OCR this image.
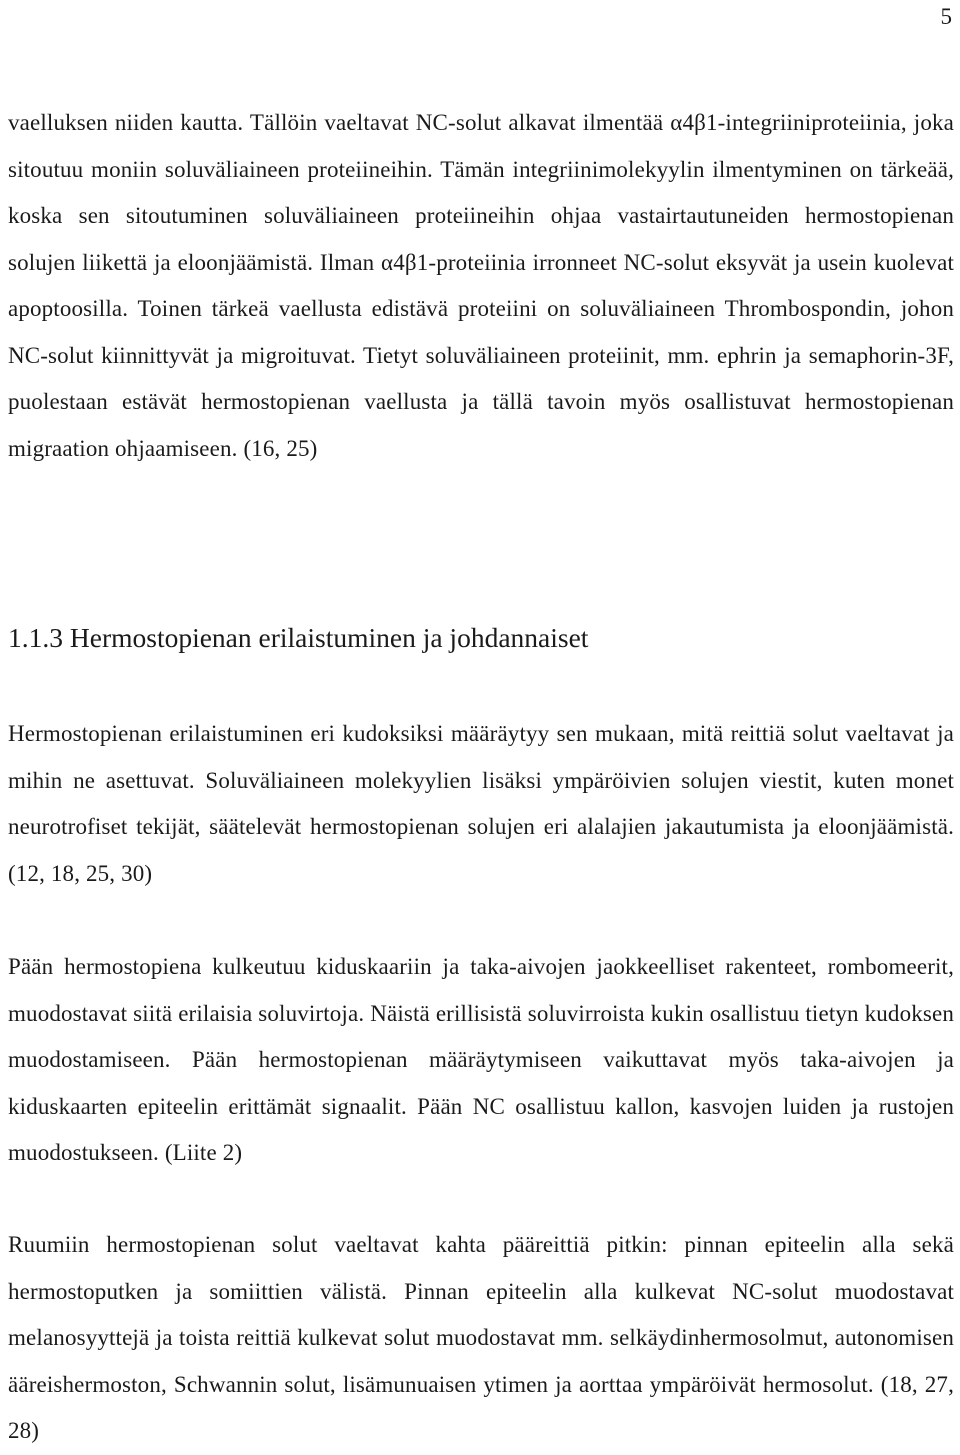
5

vaelluksen niiden kautta. Tällöin vaeltavat NC-solut alkavat ilmentää α4β1-integriiniproteiinia, joka sitoutuu moniin soluväliaineen proteiineihin. Tämän integriinimolekyylin ilmentyminen on tärkeää, koska sen sitoutuminen soluväliaineen proteiineihin ohjaa vastairtautuneiden hermostopienan solujen liikettä ja eloonjäämistä. Ilman α4β1-proteiinia irronneet NC-solut eksyvät ja usein kuolevat apoptoosilla. Toinen tärkeä vaellusta edistävä proteiini on soluväliaineen Thrombospondin, johon NC-solut kiinnittyvät ja migroituvat. Tietyt soluväliaineen proteiinit, mm. ephrin ja semaphorin-3F, puolestaan estävät hermostopienan vaellusta ja tällä tavoin myös osallistuvat hermostopienan migraation ohjaamiseen. (16, 25)

1.1.3 Hermostopienan erilaistuminen ja johdannaiset

Hermostopienan erilaistuminen eri kudoksiksi määräytyy sen mukaan, mitä reittiä solut vaeltavat ja mihin ne asettuvat. Soluväliaineen molekyylien lisäksi ympäröivien solujen viestit, kuten monet neurotrofiset tekijät, säätelevät hermostopienan solujen eri alalajien jakautumista ja eloonjäämistä. (12, 18, 25, 30)

Pään hermostopiena kulkeutuu kiduskaariin ja taka-aivojen jaokkeelliset rakenteet, rombomeerit, muodostavat siitä erilaisia soluvirtoja. Näistä erillisistä soluvirroista kukin osallistuu tietyn kudoksen muodostamiseen. Pään hermostopienan määräytymiseen vaikuttavat myös taka-aivojen ja kiduskaarten epiteelin erittämät signaalit. Pään NC osallistuu kallon, kasvojen luiden ja rustojen muodostukseen. (Liite 2)

Ruumiin hermostopienan solut vaeltavat kahta pääreittiä pitkin: pinnan epiteelin alla sekä hermostoputken ja somiittien välistä. Pinnan epiteelin alla kulkevat NC-solut muodostavat melanosyyttejä ja toista reittiä kulkevat solut muodostavat mm. selkäydinhermosolmut, autonomisen ääreishermoston, Schwannin solut, lisämunuaisen ytimen ja aorttaa ympäröivät hermosolut. (18, 27, 28)
